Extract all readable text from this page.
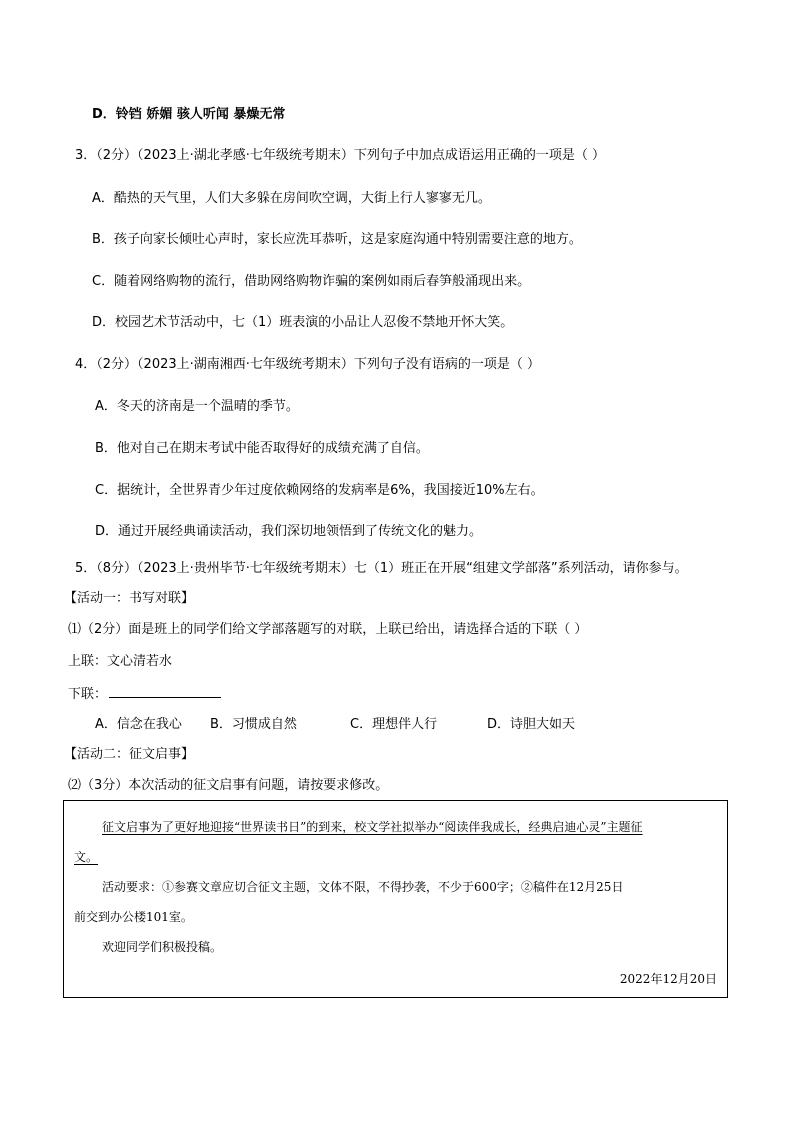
D．铃铛 娇媚 骇人听闻 暴燥无常
3．（2分）（2023上·湖北孝感·七年级统考期末）下列句子中加点成语运用正确的一项是（ ）
A．酷热的天气里，人们大多躲在房间吹空调，大街上行人寥寥无几。
B．孩子向家长倾吐心声时，家长应洗耳恭听，这是家庭沟通中特别需要注意的地方。
C．随着网络购物的流行，借助网络购物诈骗的案例如雨后春笋般涌现出来。
D．校园艺术节活动中，七（1）班表演的小品让人忍俊不禁地开怀大笑。
4．（2分）（2023上·湖南湘西·七年级统考期末）下列句子没有语病的一项是（ ）
A．冬天的济南是一个温晴的季节。
B．他对自己在期末考试中能否取得好的成绩充满了自信。
C．据统计，全世界青少年过度依赖网络的发病率是6%，我国接近10%左右。
D．通过开展经典诵读活动，我们深切地领悟到了传统文化的魅力。
5．（8分）（2023上·贵州毕节·七年级统考期末）七（1）班正在开展“组建文学部落”系列活动，请你参与。
【活动一：书写对联】
⑴（2分）面是班上的同学们给文学部落题写的对联，上联已给出，请选择合适的下联（ ）
上联：文心清若水
下联：
A．信念在我心 B．习惯成自然	C．理想伴人行	D．诗胆大如天
【活动二：征文启事】
⑵（3分）本次活动的征文启事有问题，请按要求修改。
征文启事为了更好地迎接“世界读书日”的到来，校文学社拟举办“阅读伴我成长，经典启迪心灵”主题征
文。
活动要求：①参赛文章应切合征文主题，文体不限，不得抄袭，不少于600字；②稿件在12月25日
前交到办公楼101室。
欢迎同学们积极投稿。
2022年12月20日
